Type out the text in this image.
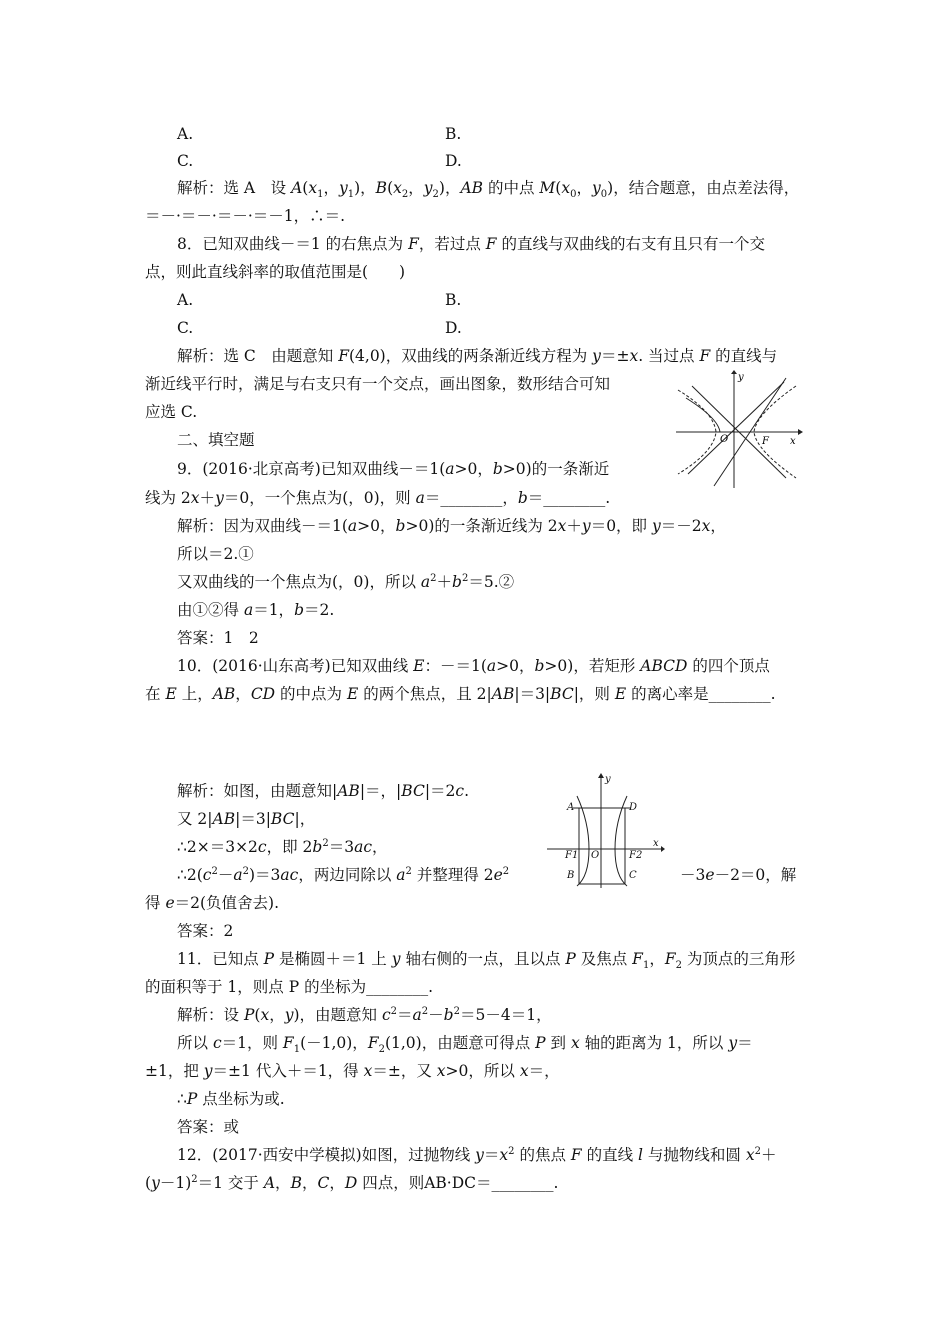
A.	B.
C.	D.
解析：选 A　设 $A(x_1$，$y_1$)，$B(x_2$，$y_2$)，AB 的中点 $M(x_0$，$y_0$)，结合题意，由点差法得，
＝－·＝－·＝－·＝－1，∴＝.
8．已知双曲线－＝1 的右焦点为 F，若过点 F 的直线与双曲线的右支有且只有一个交
点，则此直线斜率的取值范围是(　　)
A.	B.
C.	D.
解析：选 C　由题意知 F(4,0)，双曲线的两条渐近线方程为 y＝±x. 当过点 F 的直线与
渐近线平行时，满足与右支只有一个交点，画出图象，数形结合可知
应选 C.
二、填空题
9．(2016·北京高考)已知双曲线－＝1(a>0，b>0)的一条渐近
线为 2x＋y＝0，一个焦点为(，0)，则 a＝________，b＝________.
解析：因为双曲线－＝1(a>0，b>0)的一条渐近线为 2x＋y＝0，即 y＝－2x，
所以＝2.①
又双曲线的一个焦点为(，0)，所以 $a^2+b^2=5.②$
由①②得 a＝1，b＝2.
答案：1　2
10．(2016·山东高考)已知双曲线 E：－＝1(a>0，b>0)，若矩形 ABCD 的四个顶点
在 E 上，AB，CD 的中点为 E 的两个焦点，且 2|AB|＝3|BC|，则 E 的离心率是________.
解析：如图，由题意知|AB|＝，|BC|＝2c.
又 2|AB|＝3|BC|，
∴2×＝3×2c，即 $2b^2=3ac$，
$\therefore 2(c^2-a^2)=3ac$，两边同除以 $a^2$ 并整理得 $2e^2$	－3e－2＝0，解
得 e＝2(负值舍去).
答案：2
11．已知点 P 是椭圆＋＝1 上 y 轴右侧的一点，且以点 P 及焦点 $F_1$，$F_2$ 为顶点的三角形
的面积等于 1，则点 P 的坐标为________.
解析：设 P(x，y)，由题意知 $c^2=a^2-b^2=5-4=1$，
所以 c＝1，则 $F_1(-1,0)$，$F_2(1,0)$，由题意可得点 P 到 x 轴的距离为 1，所以 y＝
±1，把 y＝±1 代入＋＝1，得 x＝±，又 x>0，所以 x＝，
∴P 点坐标为或.
答案：或
12．(2017·西安中学模拟)如图，过抛物线 $y=x^2$ 的焦点 F 的直线 l 与抛物线和圆 $x^2+$
$(y-1)^2=1$ 交于 A，B，C，D 四点，则AB·DC＝________.
x
y
O	F
A	D
B	C
F1	F2
O
x
y
